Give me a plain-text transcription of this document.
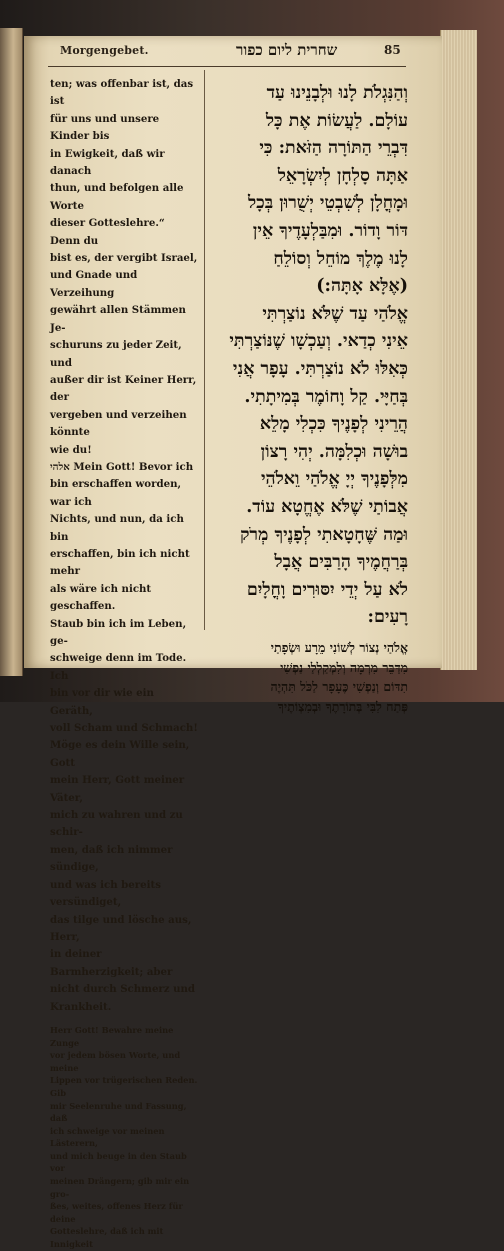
Morgengebet.	שחרית ליום כפור	85

ten; was offenbar ist, das ist

für uns und unsere Kinder bis

in Ewigkeit, daß wir danach

thun, und befolgen alle Worte

dieser Gotteslehre.“ Denn du

bist es, der vergibt Israel,

und Gnade und Verzeihung

gewährt allen Stämmen Je-

schuruns zu jeder Zeit, und

außer dir ist Keiner Herr, der

vergeben und verzeihen könnte

wie du!

אלהי Mein Gott! Bevor ich

bin erschaffen worden, war ich

Nichts, und nun, da ich bin

erschaffen, bin ich nicht mehr

als wäre ich nicht geschaffen.

Staub bin ich im Leben, ge-

schweige denn im Tode. Ich

bin vor dir wie ein Geräth,

voll Scham und Schmach!

Möge es dein Wille sein, Gott

mein Herr, Gott meiner Väter,

mich zu wahren und zu schir-

men, daß ich nimmer sündige,

und was ich bereits versündiget,

das tilge und lösche aus, Herr,

in deiner Barmherzigkeit; aber

nicht durch Schmerz und

Krankheit.

Herr Gott! Bewahre meine Zunge

vor jedem bösen Worte, und meine

Lippen vor trügerischen Reden. Gib

mir Seelenruhe und Fassung, daß

ich schweige vor meinen Lästerern,

und mich beuge in den Staub vor

meinen Drängern; gib mir ein gro-

ßes, weites, offenes Herz für deine

Gotteslehre, daß ich mit Innigkeit

וְהַנִּגְלֹת לָנוּ וּלְבָנֵינוּ עַד
עוֹלָם. לַעֲשׂוֹת אֶת כָּל
דִּבְרֵי הַתּוֹרָה הַזֹּאת: כִּי
אַתָּה סָלְחָן לְיִשְׂרָאֵל
וּמָחֳלָן לְשִׁבְטֵי יְשֻׁרוּן בְּכָל
דּוֹר וָדוֹר. וּמִבַּלְעָדֶיךָ אֵין
לָנוּ מֶלֶךְ מוֹחֵל וְסוֹלֵחַ
(אֶלָּא אָתָּה:)
אֱלֹהַי עַד שֶׁלֹּא נוֹצַרְתִּי
אֵינִי כְדַאי. וְעַכְשָׁו שֶׁנּוֹצַרְתִּי
כְּאִלּוּ לֹא נוֹצַרְתִּי. עָפָר אֲנִי
בְּחַיָּי. קַל וָחוֹמֶר בְּמִיתָתִי.
הֲרֵינִי לְפָנֶיךָ כִּכְלִי מָלֵא
בוּשָׁה וּכְלִמָּה. יְהִי רָצוֹן
מִלְּפָנֶיךָ יְיָ אֱלֹהַי וֵאלֹהֵי
אֲבוֹתַי שֶׁלֹּא אֶחֱטָא עוֹד.
וּמַה שֶּׁחָטָאתִי לְפָנֶיךָ מְרֹק
בְּרַחֲמֶיךָ הָרַבִּים אֲבָל
לֹא עַל יְדֵי יִסּוּרִים וָחֳלָיִם
רָעִים:
אֱלֹהַי נְצוֹר לְשׁוֹנִי מֵרָע וּשְׂפָתַי
מִדַּבֵּר מִרְמָה וְלִמְקַלְלַי נַפְשִׁי
תִדּוֹם וְנַפְשִׁי כֶּעָפָר לַכֹּל תִּהְיֶה
פְּתַח לִבִּי בְּתוֹרָתֶךָ וּבְמִצְוֹתֶיךָ
